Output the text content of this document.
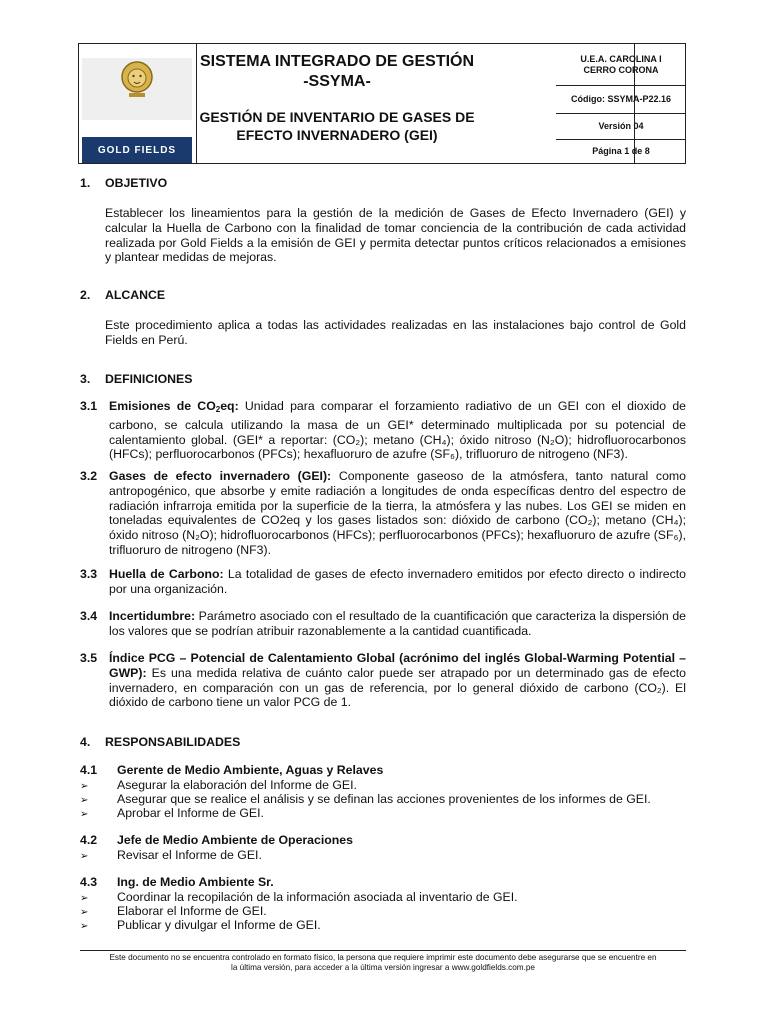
GOLD FIELDS
SISTEMA INTEGRADO DE GESTIÓN
-SSYMA-
GESTIÓN DE INVENTARIO DE GASES DE
EFECTO INVERNADERO (GEI)
U.E.A. CAROLINA I
CERRO CORONA
Código: SSYMA-P22.16
Versión 04
Página 1 de 8
1. OBJETIVO
Establecer los lineamientos para la gestión de la medición de Gases de Efecto Invernadero (GEI) y calcular la Huella de Carbono con la finalidad de tomar conciencia de la contribución de cada actividad realizada por Gold Fields a la emisión de GEI y permita detectar puntos críticos relacionados a emisiones y plantear medidas de mejoras.
2. ALCANCE
Este procedimiento aplica a todas las actividades realizadas en las instalaciones bajo control de Gold Fields en Perú.
3. DEFINICIONES
3.1 Emisiones de $CO_2eq$: Unidad para comparar el forzamiento radiativo de un GEI con el dioxido de carbono, se calcula utilizando la masa de un GEI* determinado multiplicada por su potencial de calentamiento global. (GEI* a reportar: (CO₂); metano (CH₄); óxido nitroso (N₂O); hidrofluorocarbonos (HFCs); perfluorocarbonos (PFCs); hexafluoruro de azufre (SF₆), trifluoruro de nitrogeno (NF3).
3.2 Gases de efecto invernadero (GEI): Componente gaseoso de la atmósfera, tanto natural como antropogénico, que absorbe y emite radiación a longitudes de onda específicas dentro del espectro de radiación infrarroja emitida por la superficie de la tierra, la atmósfera y las nubes. Los GEI se miden en toneladas equivalentes de CO2eq y los gases listados son: dióxido de carbono (CO₂); metano (CH₄); óxido nitroso (N₂O); hidrofluorocarbonos (HFCs); perfluorocarbonos (PFCs); hexafluoruro de azufre (SF₆), trifluoruro de nitrogeno (NF3).
3.3 Huella de Carbono: La totalidad de gases de efecto invernadero emitidos por efecto directo o indirecto por una organización.
3.4 Incertidumbre: Parámetro asociado con el resultado de la cuantificación que caracteriza la dispersión de los valores que se podrían atribuir razonablemente a la cantidad cuantificada.
3.5 Índice PCG – Potencial de Calentamiento Global (acrónimo del inglés Global-Warming Potential – GWP): Es una medida relativa de cuánto calor puede ser atrapado por un determinado gas de efecto invernadero, en comparación con un gas de referencia, por lo general dióxido de carbono (CO₂). El dióxido de carbono tiene un valor PCG de 1.
4. RESPONSABILIDADES
4.1 Gerente de Medio Ambiente, Aguas y Relaves
➢ Asegurar la elaboración del Informe de GEI.
➢ Asegurar que se realice el análisis y se definan las acciones provenientes de los informes de GEI.
➢ Aprobar el Informe de GEI.
4.2 Jefe de Medio Ambiente de Operaciones
➢ Revisar el Informe de GEI.
4.3 Ing. de Medio Ambiente Sr.
➢ Coordinar la recopilación de la información asociada al inventario de GEI.
➢ Elaborar el Informe de GEI.
➢ Publicar y divulgar el Informe de GEI.
Este documento no se encuentra controlado en formato físico, la persona que requiere imprimir este documento debe asegurarse que se encuentre en
la última versión, para acceder a la última versión ingresar a www.goldfields.com.pe
